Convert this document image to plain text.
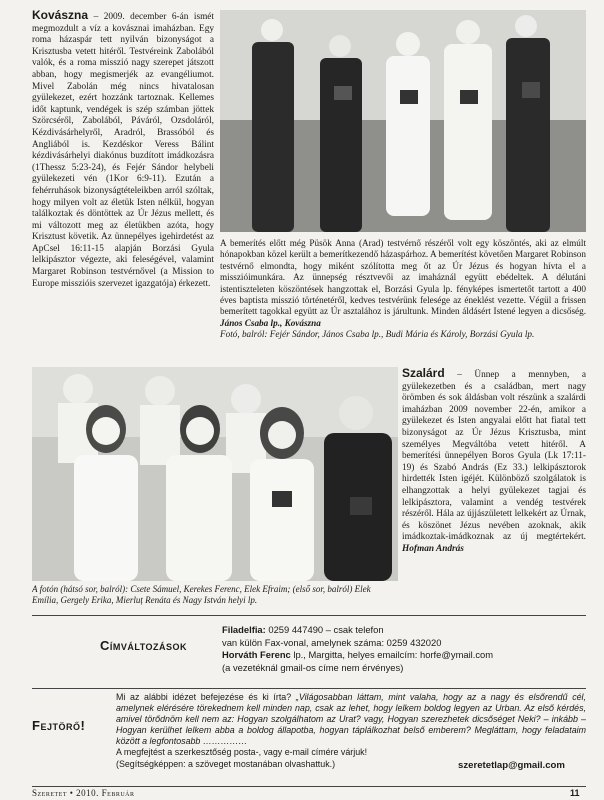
Kovászna – 2009. december 6-án ismét megmozdult a víz a kovásznai imaházban. Egy roma házaspár tett nyilván bizonyságot a Krisztusba vetett hitéről. Testvéreink Zabolából valók, és a roma misszió nagy szerepet játszott abban, hogy megismerjék az evangéliumot. Mivel Zabolán még nincs hivatalosan gyülekezet, ezért hozzánk tartoznak. Kellemes időt kaptunk, vendégek is szép számban jöttek Szörcséről, Zabolából, Páváról, Ozsdoláról, Kézdivásárhelyről, Aradról, Brassóból és Angliából is. Kezdéskor Veress Bálint kézdivásárhelyi diakónus buzdított imádkozásra (1Thessz 5:23-24), és Fejér Sándor helybeli gyülekezeti vén (1Kor 6:9-11). Ezután a fehérruhások bizonyságtételeikben arról szóltak, hogy milyen volt az életük Isten nélkül, hogyan találkoztak és döntöttek az Úr Jézus mellett, és mi változott meg az életükben azóta, hogy Krisztust követik. Az ünnepélyes igehirdetést az ApCsel 16:11-15 alapján Borzási Gyula lelkipásztor végezte, aki feleségével, valamint Margaret Robinson testvérnővel (a Mission to Europe misszióis szervezet igazgatója) érkezett.

A bemerítés előtt még Püsök Anna (Arad) testvérnő részéről volt egy köszöntés, aki az elmúlt hónapokban közel került a bemerítkezendő házaspárhoz. A bemerítést követően Margaret Robinson testvérnő elmondta, hogy miként szólította meg őt az Úr Jézus és hogyan hívta el a misszióimunkára. Az ünnepség résztvevői az imaháznál együtt ebédeltek. A délutáni istentiszteleten köszöntések hangzottak el, Borzási Gyula lp. fényképes ismertetőt tartott a 400 éves baptista misszió történetéről, kedves testvérünk felesége az éneklést vezette. Végül a frissen bemerített tagokkal együtt az Úr asztalához is járultunk. Minden áldásért Istené legyen a dicsőség. János Csaba lp., Kovászna
Fotó, balról: Fejér Sándor, János Csaba lp., Budi Mária és Károly, Borzási Gyula lp.

A fotón (hátsó sor, balról): Csete Sámuel, Kerekes Ferenc, Elek Efraim; (első sor, balról) Elek Emília, Gergely Erika, Mierluț Renáta és Nagy István helyi lp.

Szalárd – Ünnep a mennyben, a gyülekezetben és a családban, mert nagy örömben és sok áldásban volt részünk a szalárdi imaházban 2009 november 22-én, amikor a gyülekezet és Isten angyalai előtt hat fiatal tett bizonyságot az Úr Jézus Krisztusba, mint személyes Megváltóba vetett hitéről. A bemerítési ünnepélyen Boros Gyula (Lk 17:11-19) és Szabó András (Ez 33.) lelkipásztorok hirdették Isten igéjét. Különböző szolgálatok is elhangzottak a helyi gyülekezet tagjai és lelkipásztora, valamint a vendég testvérek részéről. Hála az újjászületett lelkekért az Úrnak, és köszönet Jézus nevében azoknak, akik imádkoztak-imádkoznak az új megtértekért. Hofman András

Címváltozások
Filadelfia: 0259 447490 – csak telefon
van külön Fax-vonal, amelynek száma: 0259 432020
Horváth Ferenc lp., Margitta, helyes emailcím: horfe@ymail.com
(a vezetéknál gmail-os címe nem érvényes)
Fejtörő!
Mi az alábbi idézet befejezése és ki írta? „Világosabban láttam, mint valaha, hogy az a nagy és elsőrendű cél, amelynek elérésére törekednem kell minden nap, csak az lehet, hogy lelkem boldog legyen az Urban. Az első kérdés, amivel törődnöm kell nem az: Hogyan szolgálhatom az Urat? vagy, Hogyan szerezhetek dicsőséget Neki? – inkább – Hogyan kerülhet lelkem abba a boldog állapotba, hogyan táplálkozhat belső emberem? Megláttam, hogy feladataim között a legfontosabb ……………
A megfejtést a szerkesztőség posta-, vagy e-mail címére várjuk!
(Segítségképpen: a szöveget mostanában olvashattuk.)	szeretetlap@gmail.com
Szeretet • 2010. Február	11
